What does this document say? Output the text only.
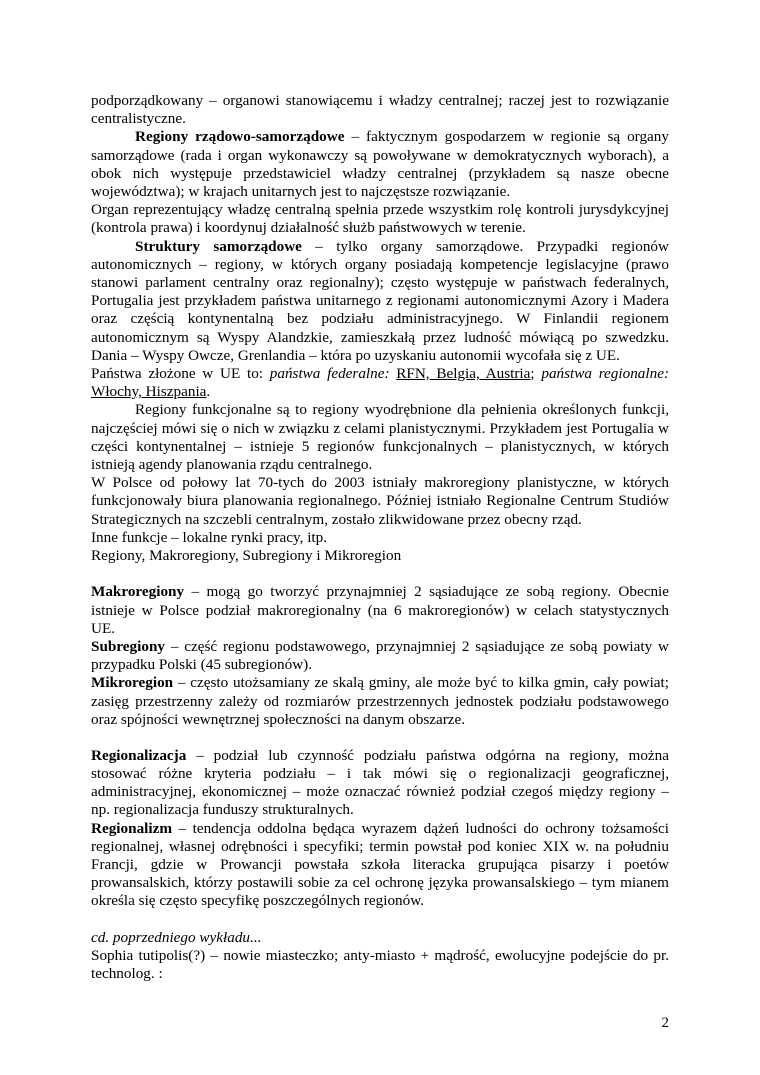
podporządkowany – organowi stanowiącemu i władzy centralnej; raczej jest to rozwiązanie
centralistyczne.
Regiony rządowo-samorządowe – faktycznym gospodarzem w regionie są organy
samorządowe (rada i organ wykonawczy są powoływane w demokratycznych wyborach), a
obok nich występuje przedstawiciel władzy centralnej (przykładem są nasze obecne
województwa); w krajach unitarnych jest to najczęstsze rozwiązanie.
Organ reprezentujący władzę centralną spełnia przede wszystkim rolę kontroli jurysdykcyjnej
(kontrola prawa) i koordynuj działalność służb państwowych w terenie.
Struktury samorządowe – tylko organy samorządowe. Przypadki regionów
autonomicznych – regiony, w których organy posiadają kompetencje legislacyjne (prawo
stanowi parlament centralny oraz regionalny); często występuje w państwach federalnych,
Portugalia jest przykładem państwa unitarnego z regionami autonomicznymi Azory i Madera
oraz częścią kontynentalną bez podziału administracyjnego. W Finlandii regionem
autonomicznym są Wyspy Alandzkie, zamieszkałą przez ludność mówiącą po szwedzku.
Dania – Wyspy Owcze, Grenlandia – która po uzyskaniu autonomii wycofała się z UE.
Państwa złożone w UE to: państwa federalne: RFN, Belgia, Austria; państwa regionalne:
Włochy, Hiszpania.
Regiony funkcjonalne są to regiony wyodrębnione dla pełnienia określonych funkcji,
najczęściej mówi się o nich w związku z celami planistycznymi. Przykładem jest Portugalia w
części kontynentalnej – istnieje 5 regionów funkcjonalnych – planistycznych, w których
istnieją agendy planowania rządu centralnego.
W Polsce od połowy lat 70-tych do 2003 istniały makroregiony planistyczne, w których
funkcjonowały biura planowania regionalnego. Później istniało Regionalne Centrum Studiów
Strategicznych na szczebli centralnym, zostało zlikwidowane przez obecny rząd.
Inne funkcje – lokalne rynki pracy, itp.
Regiony, Makroregiony, Subregiony i Mikroregion
Makroregiony – mogą go tworzyć przynajmniej 2 sąsiadujące ze sobą regiony. Obecnie
istnieje w Polsce podział makroregionalny (na 6 makroregionów) w celach statystycznych
UE.
Subregiony – część regionu podstawowego, przynajmniej 2 sąsiadujące ze sobą powiaty w
przypadku Polski (45 subregionów).
Mikroregion – często utożsamiany ze skalą gminy, ale może być to kilka gmin, cały powiat;
zasięg przestrzenny zależy od rozmiarów przestrzennych jednostek podziału podstawowego
oraz spójności wewnętrznej społeczności na danym obszarze.
Regionalizacja – podział lub czynność podziału państwa odgórna na regiony, można
stosować różne kryteria podziału – i tak mówi się o regionalizacji geograficznej,
administracyjnej, ekonomicznej – może oznaczać również podział czegoś między regiony –
np. regionalizacja funduszy strukturalnych.
Regionalizm – tendencja oddolna będąca wyrazem dążeń ludności do ochrony tożsamości
regionalnej, własnej odrębności i specyfiki; termin powstał pod koniec XIX w. na południu
Francji, gdzie w Prowancji powstała szkoła literacka grupująca pisarzy i poetów
prowansalskich, którzy postawili sobie za cel ochronę języka prowansalskiego – tym mianem
określa się często specyfikę poszczególnych regionów.
cd. poprzedniego wykładu...
Sophia tutipolis(?) – nowie miasteczko; anty-miasto + mądrość, ewolucyjne podejście do pr.
technolog. :
2
